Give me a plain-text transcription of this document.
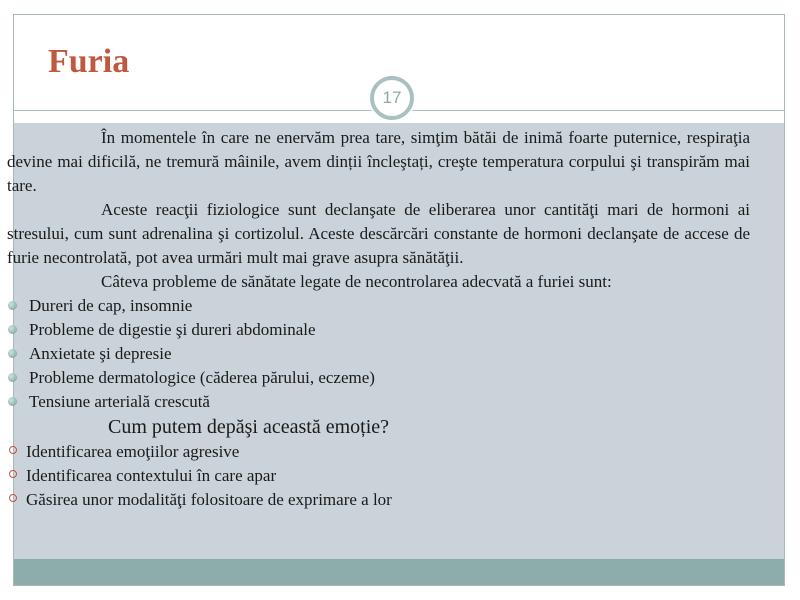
Furia
17

În momentele în care ne enervăm prea tare, simţim bătăi de inimă foarte puternice, respiraţia devine mai dificilă, ne tremură mâinile, avem dinții încleştați, creşte temperatura corpului şi transpirăm mai tare.

Aceste reacţii fiziologice sunt declanşate de eliberarea unor cantităţi mari de hormoni ai stresului, cum sunt adrenalina şi cortizolul. Aceste descărcări constante de hormoni declanşate de accese de furie necontrolată, pot avea urmări mult mai grave asupra sănătăţii.

Câteva probleme de sănătate legate de necontrolarea adecvată a furiei sunt:

Dureri de cap, insomnie
Probleme de digestie şi dureri abdominale
Anxietate şi depresie
Probleme dermatologice (căderea părului, eczeme)
Tensiune arterială crescută

Cum putem depăşi această emoție?

Identificarea emoţiilor agresive
Identificarea contextului în care apar
Găsirea unor modalităţi folositoare de exprimare a lor
